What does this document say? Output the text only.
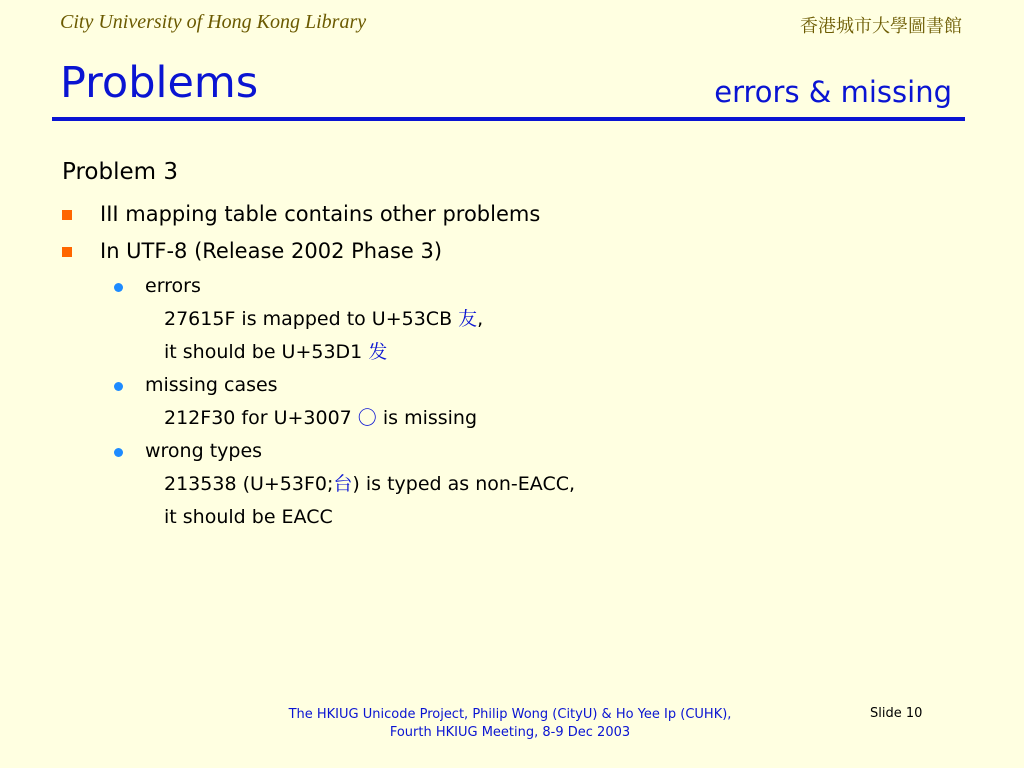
City University of Hong Kong Library	香港城市大學圖書館
Problems	errors & missing
Problem 3
III mapping table contains other problems
In UTF-8 (Release 2002 Phase 3)
errors
27615F is mapped to U+53CB 友,
it should be U+53D1 发
missing cases
212F30 for U+3007 〇 is missing
wrong types
213538 (U+53F0;台) is typed as non-EACC,
it should be EACC
The HKIUG Unicode Project, Philip Wong (CityU) & Ho Yee Ip (CUHK),
Fourth HKIUG Meeting, 8-9 Dec 2003
Slide 10
